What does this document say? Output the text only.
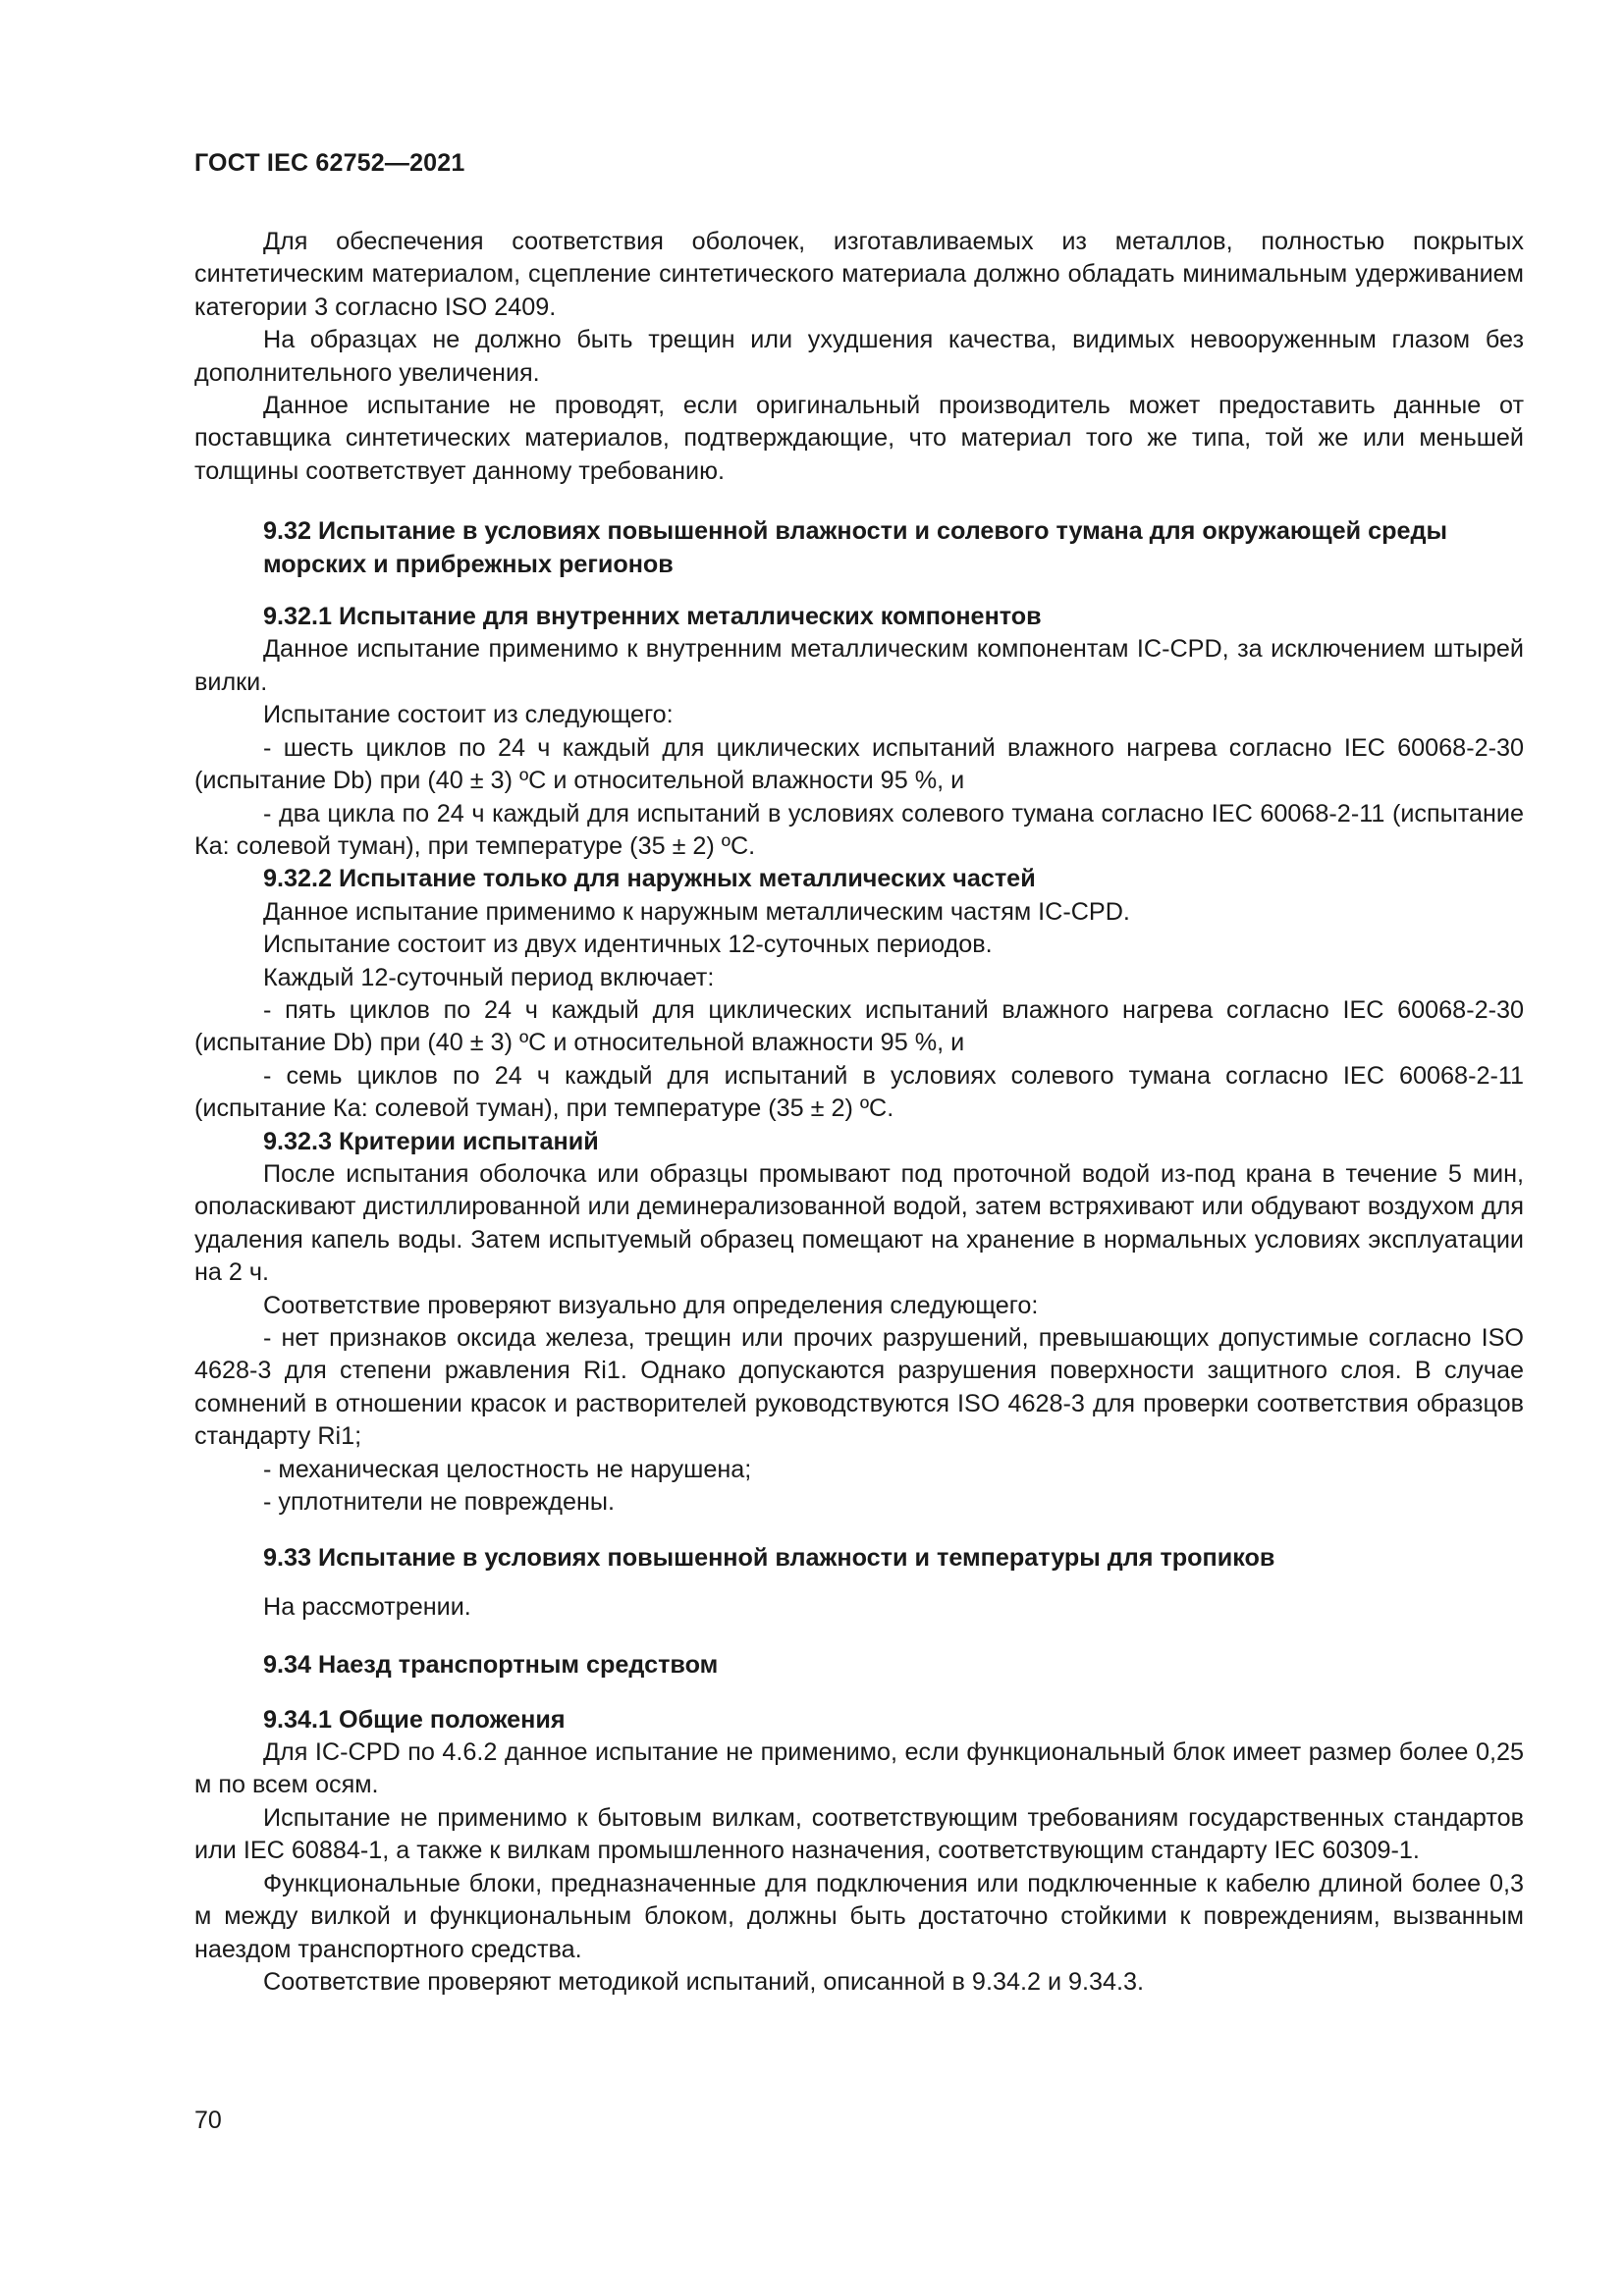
ГОСТ IEC 62752—2021

Для обеспечения соответствия оболочек, изготавливаемых из металлов, полностью покрытых синтетическим материалом, сцепление синтетического материала должно обладать минимальным удерживанием категории 3 согласно ISO 2409.

На образцах не должно быть трещин или ухудшения качества, видимых невооруженным глазом без дополнительного увеличения.

Данное испытание не проводят, если оригинальный производитель может предоставить данные от поставщика синтетических материалов, подтверждающие, что материал того же типа, той же или меньшей толщины соответствует данному требованию.

9.32 Испытание в условиях повышенной влажности и солевого тумана для окружающей среды морских и прибрежных регионов

9.32.1 Испытание для внутренних металлических компонентов

Данное испытание применимо к внутренним металлическим компонентам IC-CPD, за исключением штырей вилки.

Испытание состоит из следующего:

- шесть циклов по 24 ч каждый для циклических испытаний влажного нагрева согласно IEC 60068-2-30 (испытание Db) при (40 ± 3) ºС и относительной влажности 95 %, и

- два цикла по 24 ч каждый для испытаний в условиях солевого тумана согласно IEC 60068-2-11 (испытание Ка: солевой туман), при температуре (35 ± 2) ºС.

9.32.2 Испытание только для наружных металлических частей

Данное испытание применимо к наружным металлическим частям IC-CPD.

Испытание состоит из двух идентичных 12-суточных периодов.

Каждый 12-суточный период включает:

- пять циклов по 24 ч каждый для циклических испытаний влажного нагрева согласно IEC 60068-2-30 (испытание Db) при (40 ± 3) ºС и относительной влажности 95 %, и

- семь циклов по 24 ч каждый для испытаний в условиях солевого тумана согласно IEC 60068-2-11 (испытание Ка: солевой туман), при температуре (35 ± 2) ºС.

9.32.3 Критерии испытаний

После испытания оболочка или образцы промывают под проточной водой из-под крана в течение 5 мин, ополаскивают дистиллированной или деминерализованной водой, затем встряхивают или обдувают воздухом для удаления капель воды. Затем испытуемый образец помещают на хранение в нормальных условиях эксплуатации на 2 ч.

Соответствие проверяют визуально для определения следующего:

- нет признаков оксида железа, трещин или прочих разрушений, превышающих допустимые согласно ISO 4628-3 для степени ржавления Ri1. Однако допускаются разрушения поверхности защитного слоя. В случае сомнений в отношении красок и растворителей руководствуются ISO 4628-3 для проверки соответствия образцов стандарту Ri1;

- механическая целостность не нарушена;

- уплотнители не повреждены.

9.33 Испытание в условиях повышенной влажности и температуры для тропиков

На рассмотрении.

9.34 Наезд транспортным средством

9.34.1 Общие положения

Для IC-CPD по 4.6.2 данное испытание не применимо, если функциональный блок имеет размер более 0,25 м по всем осям.

Испытание не применимо к бытовым вилкам, соответствующим требованиям государственных стандартов или IEC 60884-1, а также к вилкам промышленного назначения, соответствующим стандарту IEC 60309-1.

Функциональные блоки, предназначенные для подключения или подключенные к кабелю длиной более 0,3 м между вилкой и функциональным блоком, должны быть достаточно стойкими к повреждениям, вызванным наездом транспортного средства.

Соответствие проверяют методикой испытаний, описанной в 9.34.2 и 9.34.3.

70
